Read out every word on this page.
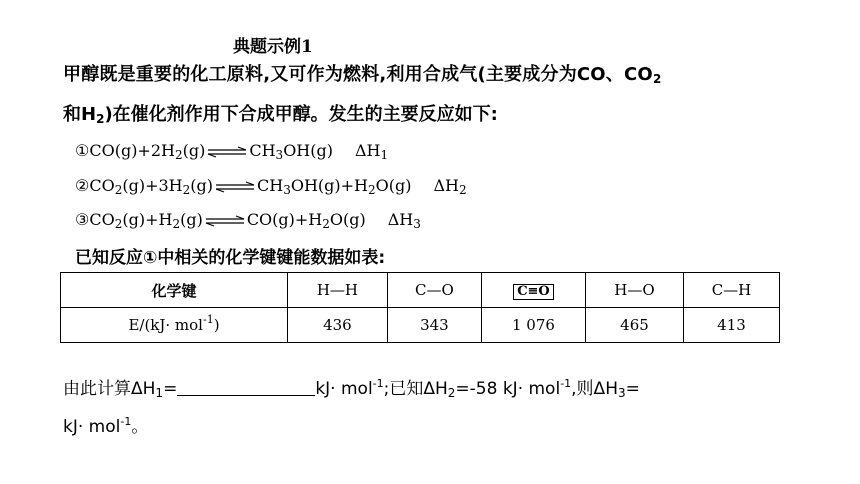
典题示例1
甲醇既是重要的化工原料,又可作为燃料,利用合成气(主要成分为CO、$CO_2$
和$H_2$)在催化剂作用下合成甲醇。发生的主要反应如下:
$①CO(g)+2H_2(g)$ ⇌ $CH_3OH(g)$ $\Delta H_1$
$②CO_2(g)+3H_2(g)$ ⇌ $CH_3OH(g)+H_2O(g)$ $\Delta H_2$
$③CO_2(g)+H_2(g)$ ⇌ $CO(g)+H_2O(g)$ $\Delta H_3$
已知反应①中相关的化学键键能数据如表:
化学键	H—H	C—O	C≡O	H—O	C—H
E/(kJ· mol$^{-1}$)	436	343	1 076	465	413
由此计算$\Delta H_1=$	kJ· mol$^{-1}$;已知$\Delta H_2=-58$ kJ· mol$^{-1}$,则$\Delta H_3=$
kJ· mol$^{-1}$。
